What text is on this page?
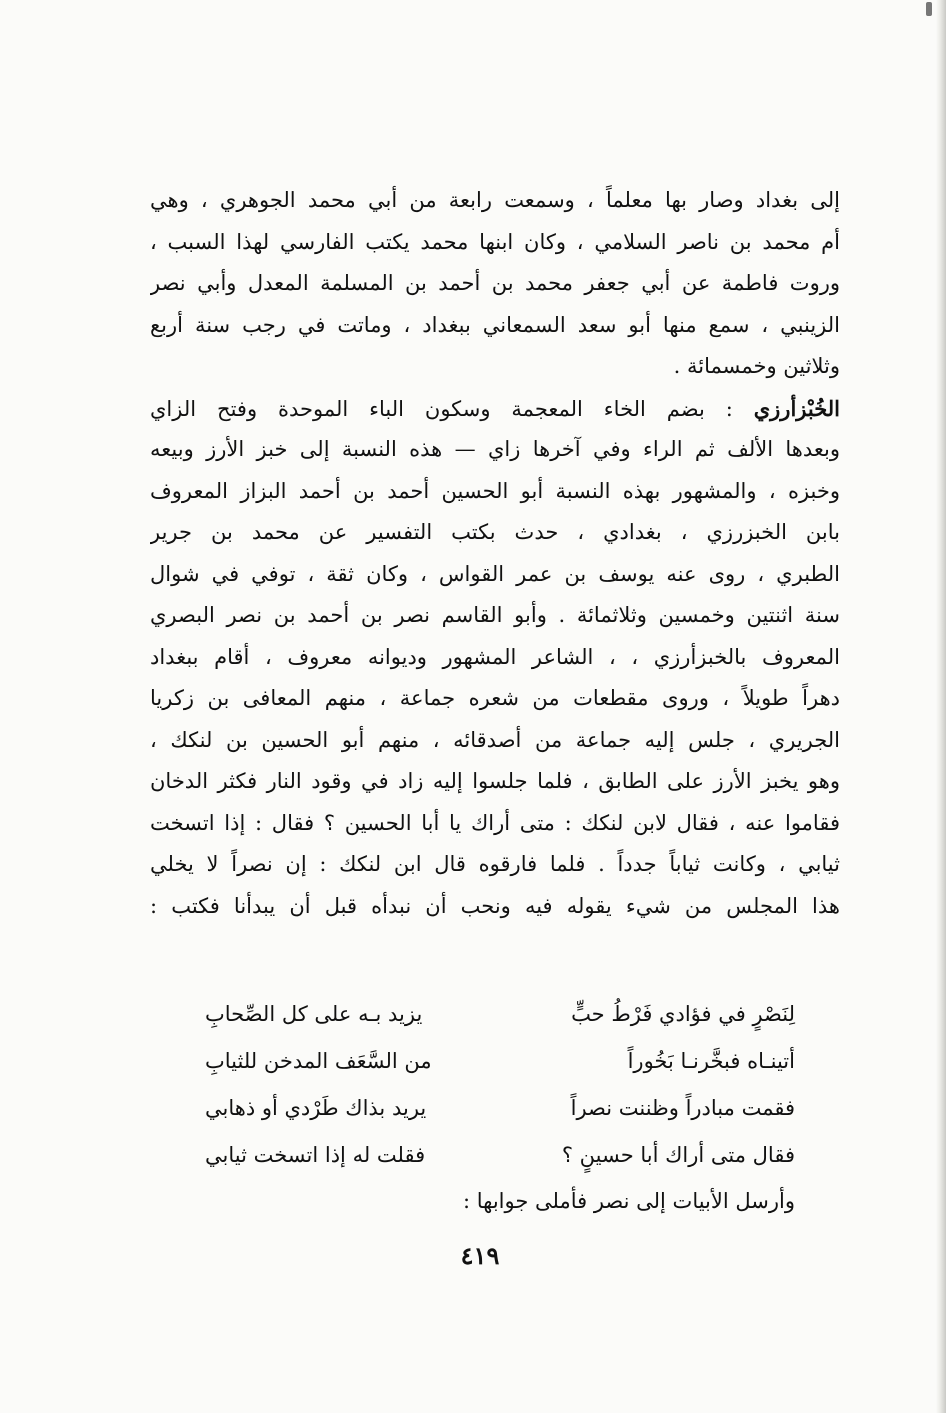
إلى بغداد وصار بها معلماً ، وسمعت رابعة من أبي محمد الجوهري ، وهي
أم محمد بن ناصر السلامي ، وكان ابنها محمد يكتب الفارسي لهذا السبب ،
وروت فاطمة عن أبي جعفر محمد بن أحمد بن المسلمة المعدل وأبي نصر
الزينبي ، سمع منها أبو سعد السمعاني ببغداد ، وماتت في رجب سنة أربع
وثلاثين وخمسمائة .
الخُبْزأرزي : بضم الخاء المعجمة وسكون الباء الموحدة وفتح الزاي
وبعدها الألف ثم الراء وفي آخرها زاي — هذه النسبة إلى خبز الأرز وبيعه
وخبزه ، والمشهور بهذه النسبة أبو الحسين أحمد بن أحمد البزاز المعروف
بابن الخبزرزي ، بغدادي ، حدث بكتب التفسير عن محمد بن جرير
الطبري ، روى عنه يوسف بن عمر القواس ، وكان ثقة ، توفي في شوال
سنة اثنتين وخمسين وثلاثمائة . وأبو القاسم نصر بن أحمد بن نصر البصري
المعروف بالخبزأرزي ، ، الشاعر المشهور وديوانه معروف ، أقام ببغداد
دهراً طويلاً ، وروى مقطعات من شعره جماعة ، منهم المعافى بن زكريا
الجريري ، جلس إليه جماعة من أصدقائه ، منهم أبو الحسين بن لنكك ،
وهو يخبز الأرز على الطابق ، فلما جلسوا إليه زاد في وقود النار فكثر الدخان
فقاموا عنه ، فقال لابن لنكك : متى أراك يا أبا الحسين ؟ فقال : إذا اتسخت
ثيابي ، وكانت ثياباً جدداً . فلما فارقوه قال ابن لنكك : إن نصراً لا يخلي
هذا المجلس من شيء يقوله فيه ونحب أن نبدأه قبل أن يبدأنا فكتب :
لِنَصْرٍ في فؤادي فَرْطُ حبٍّ
يزيد بـه على كل الصِّحابِ
أتينـاه فبخَّرنـا بَخُوراً
من السَّعَف المدخن للثيابِ
فقمت مبادراً وظننت نصراً
يريد بذاك طَرْدي أو ذهابي
فقال متى أراك أبا حسينٍ ؟
فقلت له إذا اتسخت ثيابي
وأرسل الأبيات إلى نصر فأملى جوابها :
٤١٩
